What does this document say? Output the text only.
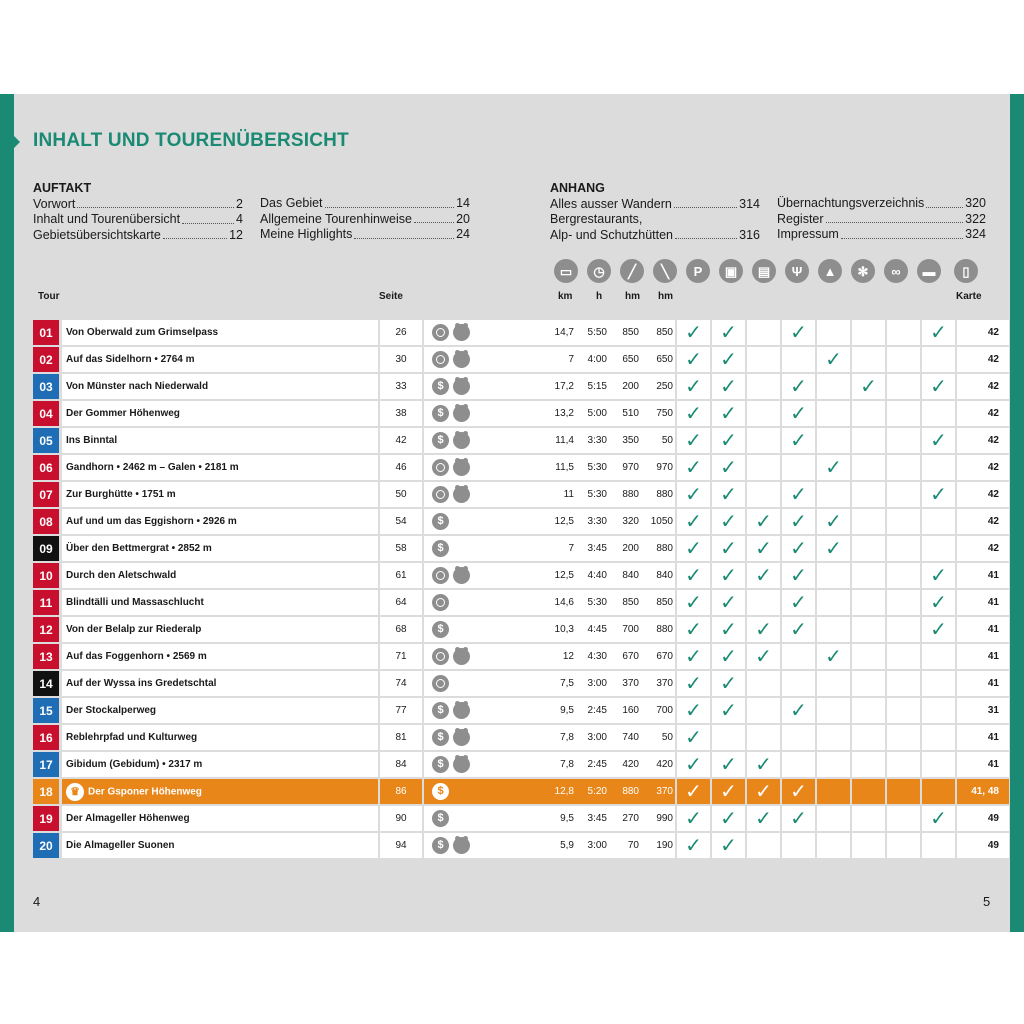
INHALT UND TOURENÜBERSICHT
AUFTAKT
Vorwort	2
Inhalt und Tourenübersicht	4
Gebietsübersichtskarte	12
Das Gebiet	14
Allgemeine Tourenhinweise	20
Meine Highlights	24
ANHANG
Alles ausser Wandern	314
Bergrestaurants,
Alp- und Schutzhütten	316
Übernachtungsverzeichnis	320
Register	322
Impressum	324
▭	◷	╱	╲	P	▣	▤	Ψ	▲	✻	∞	▬	▯
Tour	Seite	km h hm hm	Karte
01	Von Oberwald zum Grimselpass	26			14,7	5:50	850	850	✓	✓		✓				✓	42
02	Auf das Sidelhorn • 2764 m	30			7	4:00	650	650	✓	✓			✓				42
03	Von Münster nach Niederwald	33	$		17,2	5:15	200	250	✓	✓		✓		✓		✓	42
04	Der Gommer Höhenweg	38	$		13,2	5:00	510	750	✓	✓		✓					42
05	Ins Binntal	42	$		11,4	3:30	350	50	✓	✓		✓				✓	42
06	Gandhorn • 2462 m – Galen • 2181 m	46			11,5	5:30	970	970	✓	✓			✓				42
07	Zur Burghütte • 1751 m	50			11	5:30	880	880	✓	✓		✓				✓	42
08	Auf und um das Eggishorn • 2926 m	54	$		12,5	3:30	320	1050	✓	✓	✓	✓	✓				42
09	Über den Bettmergrat • 2852 m	58	$		7	3:45	200	880	✓	✓	✓	✓	✓				42
10	Durch den Aletschwald	61			12,5	4:40	840	840	✓	✓	✓	✓				✓	41
11	Blindtälli und Massaschlucht	64			14,6	5:30	850	850	✓	✓		✓				✓	41
12	Von der Belalp zur Riederalp	68	$		10,3	4:45	700	880	✓	✓	✓	✓				✓	41
13	Auf das Foggenhorn • 2569 m	71			12	4:30	670	670	✓	✓	✓		✓				41
14	Auf der Wyssa ins Gredetschtal	74			7,5	3:00	370	370	✓	✓							41
15	Der Stockalperweg	77	$		9,5	2:45	160	700	✓	✓		✓					31
16	Reblehrpfad und Kulturweg	81	$		7,8	3:00	740	50	✓								41
17	Gibidum (Gebidum) • 2317 m	84	$		7,8	2:45	420	420	✓	✓	✓						41
18	♛ Der Gsponer Höhenweg	86	$		12,8	5:20	880	370	✓	✓	✓	✓					41, 48
19	Der Almageller Höhenweg	90	$		9,5	3:45	270	990	✓	✓	✓	✓				✓	49
20	Die Almageller Suonen	94	$		5,9	3:00	70	190	✓	✓							49
4	5
